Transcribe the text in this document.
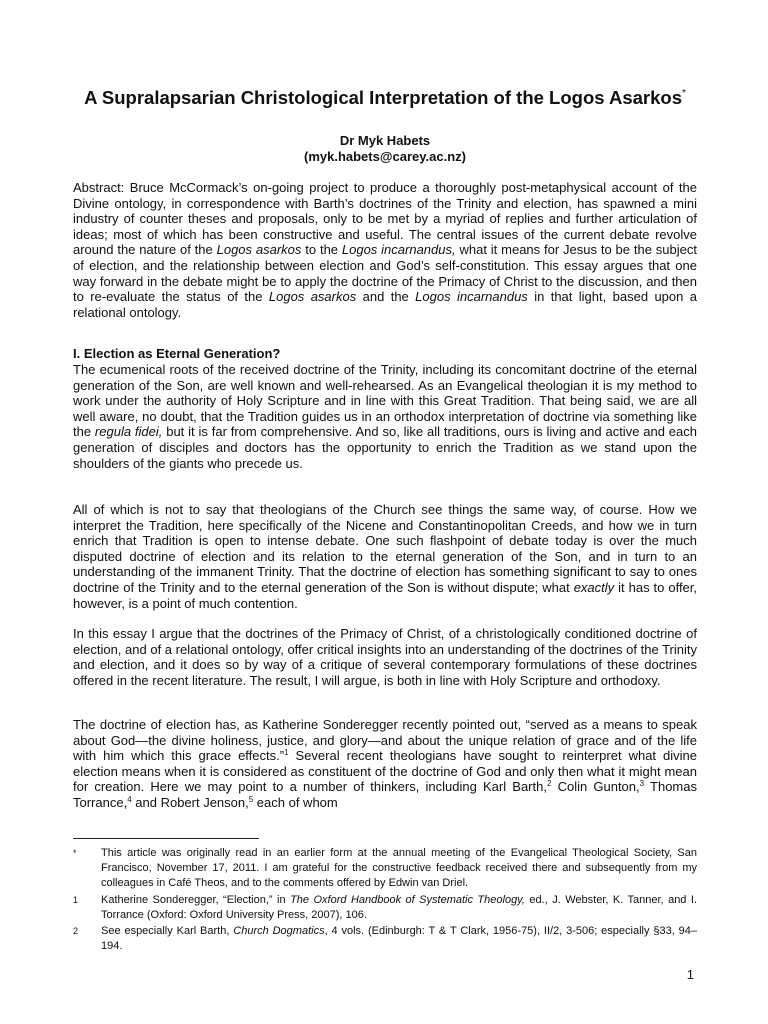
A Supralapsarian Christological Interpretation of the Logos Asarkos*
Dr Myk Habets
(myk.habets@carey.ac.nz)

Abstract: Bruce McCormack’s on-going project to produce a thoroughly post-metaphysical account of the Divine ontology, in correspondence with Barth’s doctrines of the Trinity and election, has spawned a mini industry of counter theses and proposals, only to be met by a myriad of replies and further articulation of ideas; most of which has been constructive and useful. The central issues of the current debate revolve around the nature of the Logos asarkos to the Logos incarnandus, what it means for Jesus to be the subject of election, and the relationship between election and God’s self-constitution. This essay argues that one way forward in the debate might be to apply the doctrine of the Primacy of Christ to the discussion, and then to re-evaluate the status of the Logos asarkos and the Logos incarnandus in that light, based upon a relational ontology.

I. Election as Eternal Generation?

The ecumenical roots of the received doctrine of the Trinity, including its concomitant doctrine of the eternal generation of the Son, are well known and well-rehearsed. As an Evangelical theologian it is my method to work under the authority of Holy Scripture and in line with this Great Tradition. That being said, we are all well aware, no doubt, that the Tradition guides us in an orthodox interpretation of doctrine via something like the regula fidei, but it is far from comprehensive. And so, like all traditions, ours is living and active and each generation of disciples and doctors has the opportunity to enrich the Tradition as we stand upon the shoulders of the giants who precede us.

All of which is not to say that theologians of the Church see things the same way, of course. How we interpret the Tradition, here specifically of the Nicene and Constantinopolitan Creeds, and how we in turn enrich that Tradition is open to intense debate. One such flashpoint of debate today is over the much disputed doctrine of election and its relation to the eternal generation of the Son, and in turn to an understanding of the immanent Trinity. That the doctrine of election has something significant to say to ones doctrine of the Trinity and to the eternal generation of the Son is without dispute; what exactly it has to offer, however, is a point of much contention.

In this essay I argue that the doctrines of the Primacy of Christ, of a christologically conditioned doctrine of election, and of a relational ontology, offer critical insights into an understanding of the doctrines of the Trinity and election, and it does so by way of a critique of several contemporary formulations of these doctrines offered in the recent literature. The result, I will argue, is both in line with Holy Scripture and orthodoxy.

The doctrine of election has, as Katherine Sonderegger recently pointed out, “served as a means to speak about God—the divine holiness, justice, and glory—and about the unique relation of grace and of the life with him which this grace effects.”$^1$ Several recent theologians have sought to reinterpret what divine election means when it is considered as constituent of the doctrine of God and only then what it might mean for creation. Here we may point to a number of thinkers, including Karl Barth,$^2$ Colin Gunton,$^3$ Thomas Torrance,$^4$ and Robert Jenson,$^5$ each of whom

*	This article was originally read in an earlier form at the annual meeting of the Evangelical Theological Society, San Francisco, November 17, 2011. I am grateful for the constructive feedback received there and subsequently from my colleagues in Café Theos, and to the comments offered by Edwin van Driel.
1	Katherine Sonderegger, “Election,” in The Oxford Handbook of Systematic Theology, ed., J. Webster, K. Tanner, and I. Torrance (Oxford: Oxford University Press, 2007), 106.
2	See especially Karl Barth, Church Dogmatics, 4 vols. (Edinburgh: T & T Clark, 1956-75), II/2, 3-506; especially §33, 94–194.
1
